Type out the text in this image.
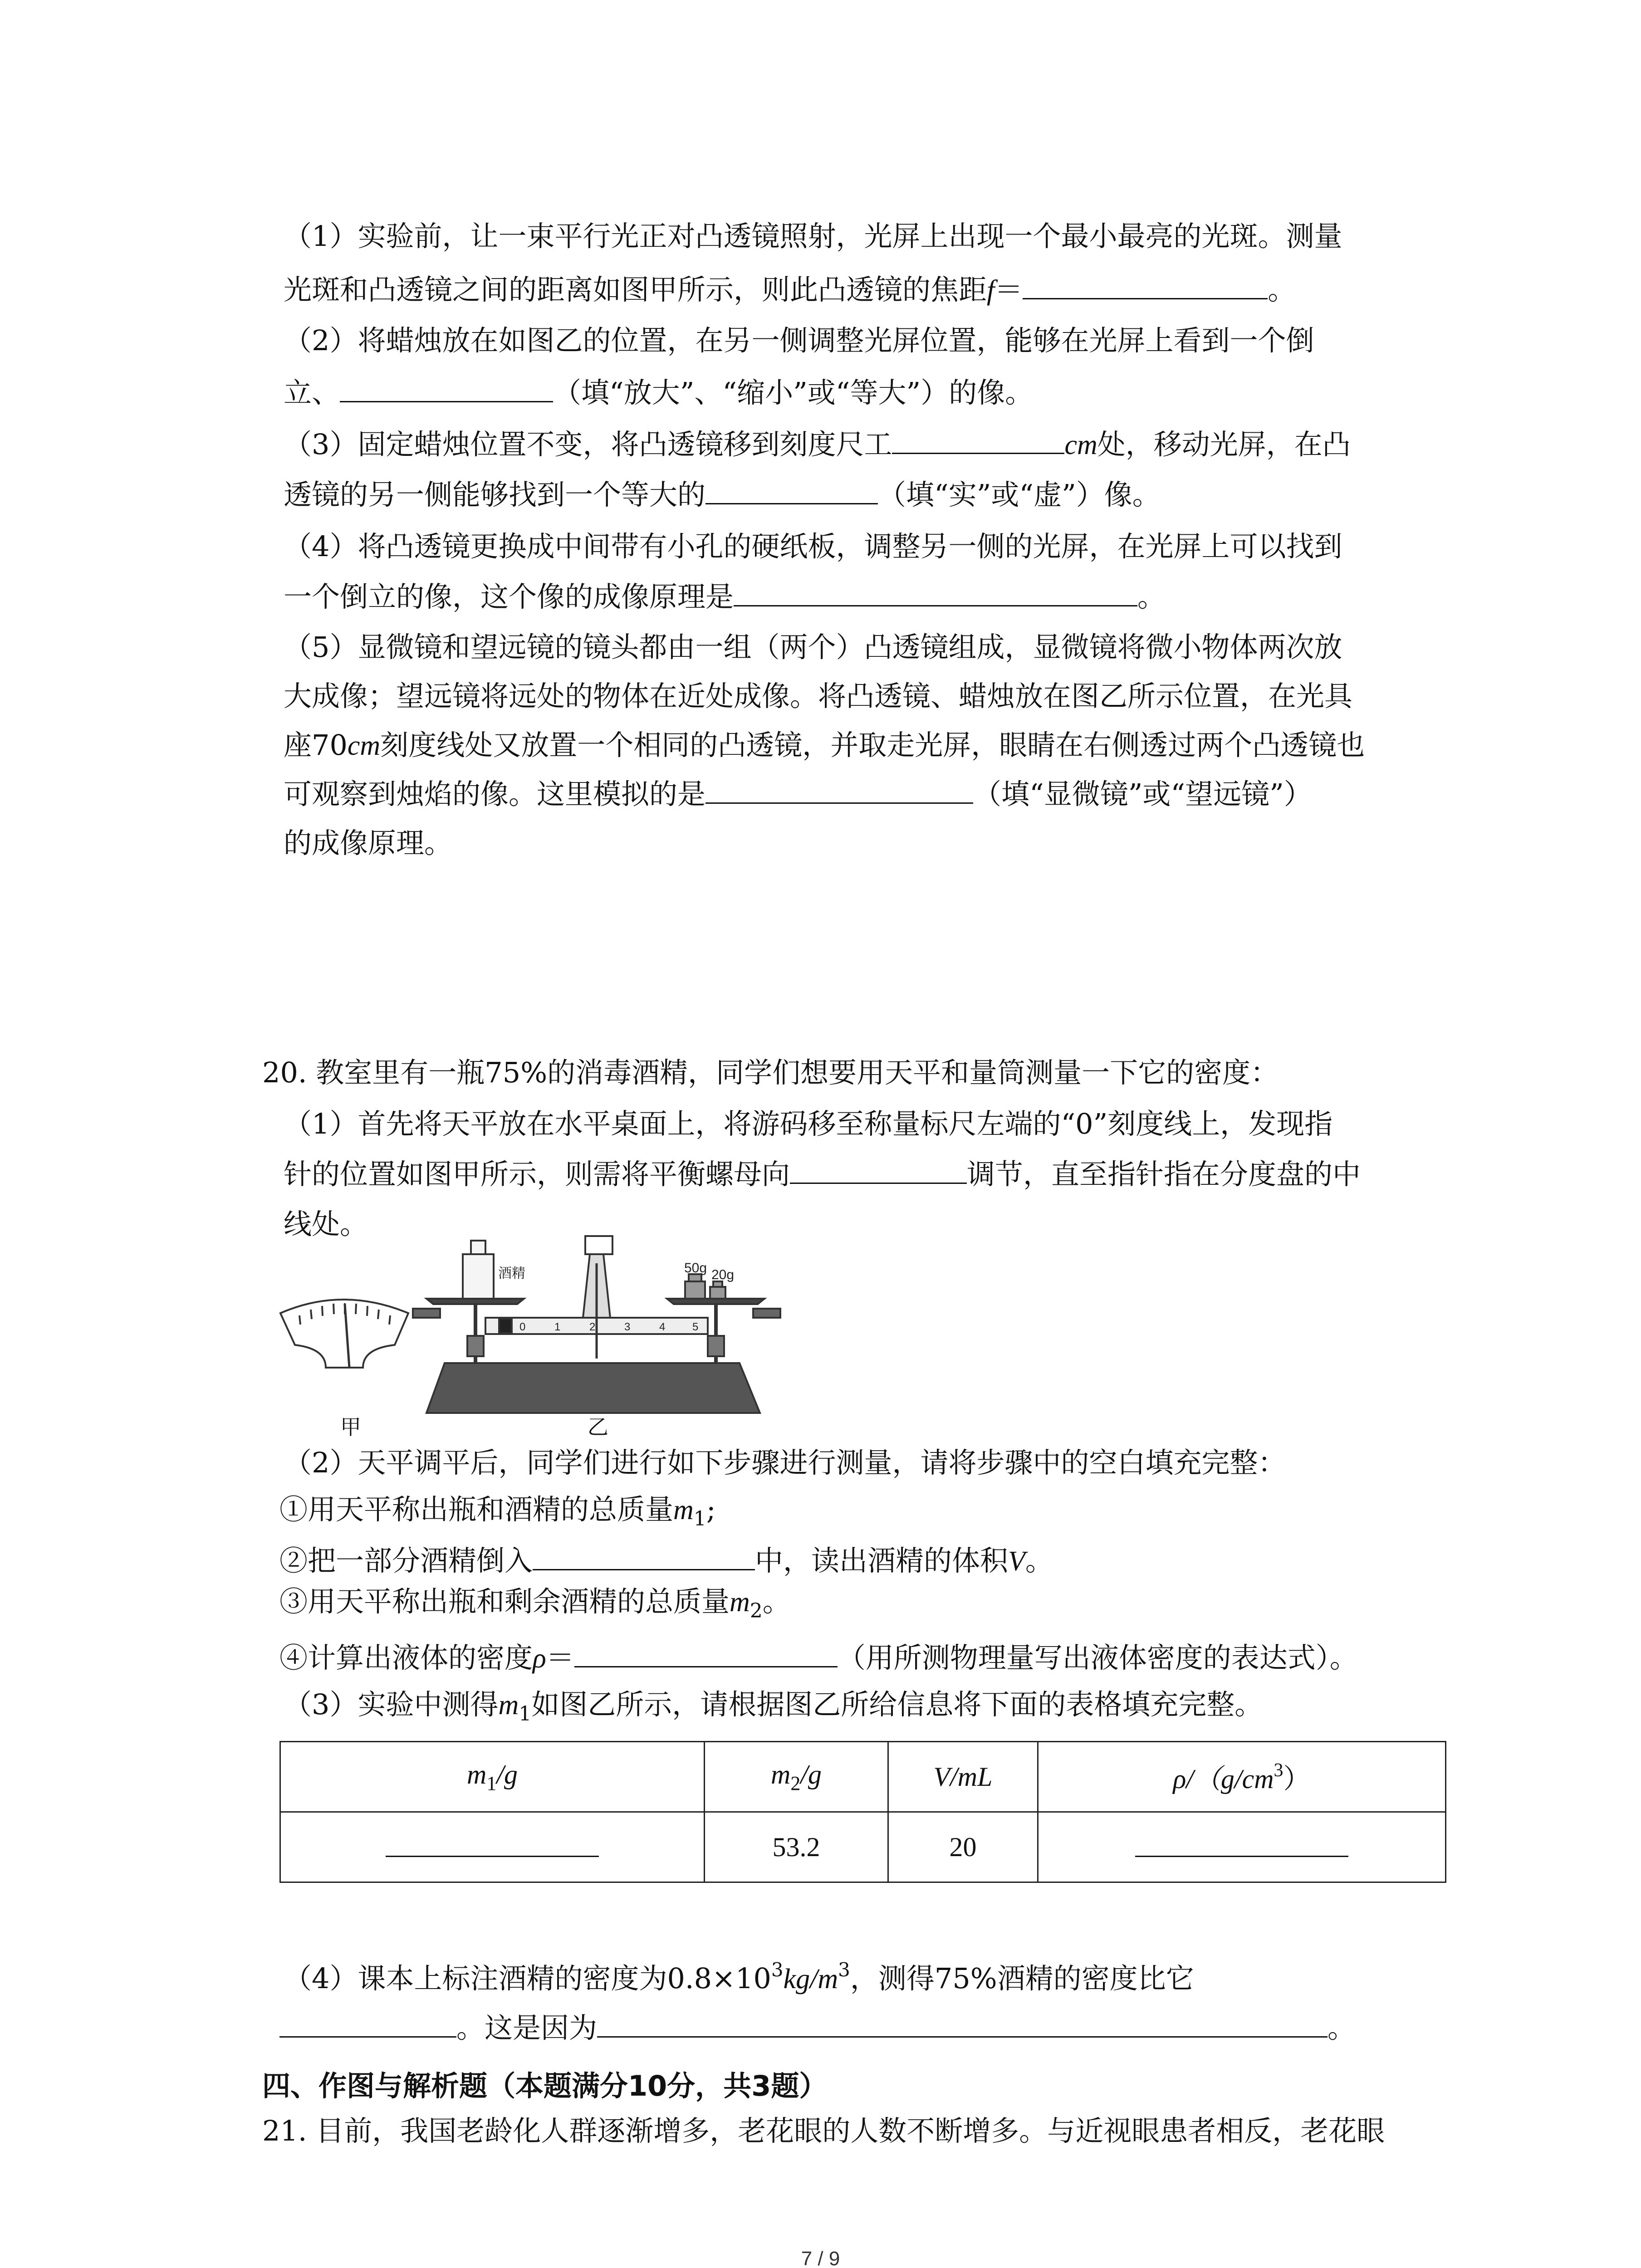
（1）实验前，让一束平行光正对凸透镜照射，光屏上出现一个最小最亮的光斑。测量
光斑和凸透镜之间的距离如图甲所示，则此凸透镜的焦距f＝	。
（2）将蜡烛放在如图乙的位置，在另一侧调整光屏位置，能够在光屏上看到一个倒
立、	（填“放大”、“缩小”或“等大”）的像。
（3）固定蜡烛位置不变，将凸透镜移到刻度尺工	cm处，移动光屏，在凸
透镜的另一侧能够找到一个等大的	（填“实”或“虚”）像。
（4）将凸透镜更换成中间带有小孔的硬纸板，调整另一侧的光屏，在光屏上可以找到
一个倒立的像，这个像的成像原理是	。
（5）显微镜和望远镜的镜头都由一组（两个）凸透镜组成，显微镜将微小物体两次放
大成像；望远镜将远处的物体在近处成像。将凸透镜、蜡烛放在图乙所示位置，在光具
座70cm刻度线处又放置一个相同的凸透镜，并取走光屏，眼睛在右侧透过两个凸透镜也
可观察到烛焰的像。这里模拟的是	（填“显微镜”或“望远镜”）
的成像原理。
20. 教室里有一瓶75%的消毒酒精，同学们想要用天平和量筒测量一下它的密度：
（1）首先将天平放在水平桌面上，将游码移至称量标尺左端的“0”刻度线上，发现指
针的位置如图甲所示，则需将平衡螺母向	调节，直至指针指在分度盘的中
线处。
酒精	50g 20g
0	1	2	3	4 5
甲	乙
（2）天平调平后，同学们进行如下步骤进行测量，请将步骤中的空白填充完整：
①用天平称出瓶和酒精的总质量$m_1$;
②把一部分酒精倒入	中，读出酒精的体积V。
③用天平称出瓶和剩余酒精的总质量$m_2$。
④计算出液体的密度ρ＝	（用所测物理量写出液体密度的表达式）。
（3）实验中测得$m_1$如图乙所示，请根据图乙所给信息将下面的表格填充完整。
$m_1/g$	$m_2/g$	V/mL	$\rho/(g/cm^3)$
	53.2	20	
（4）课本上标注酒精的密度为$0.8\times 10^3kg/m^3$，测得75%酒精的密度比它
。这是因为	。
四、作图与解析题（本题满分10分，共3题）
21. 目前，我国老龄化人群逐渐增多，老花眼的人数不断增多。与近视眼患者相反，老花眼
7 / 9
